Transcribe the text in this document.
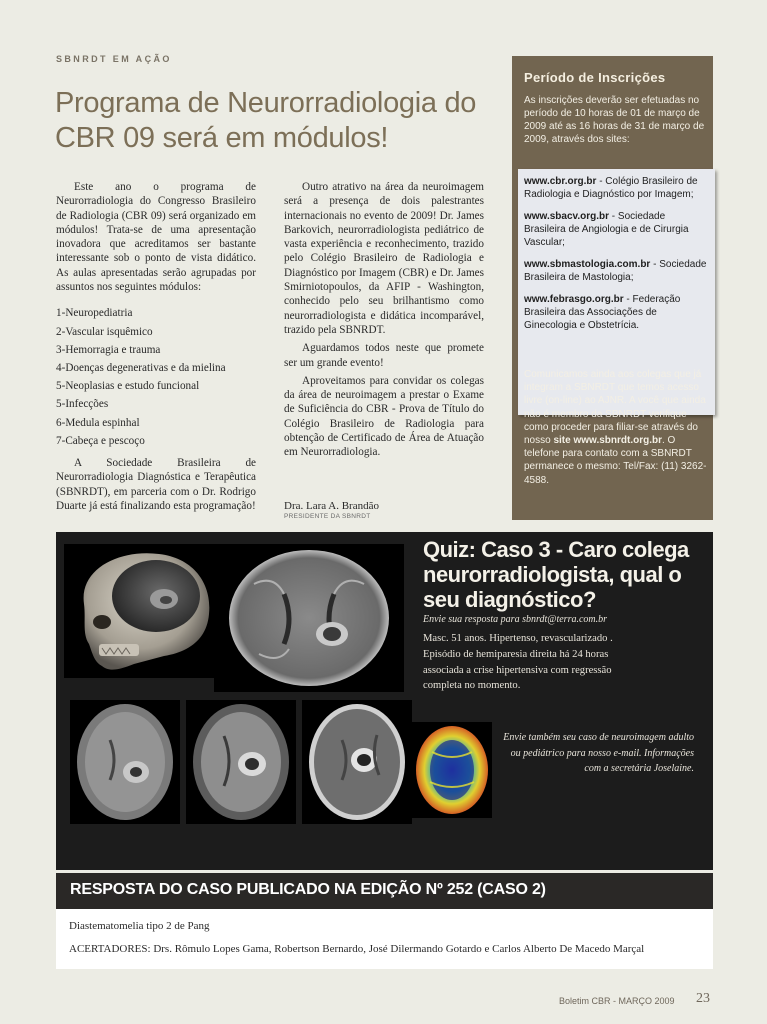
SBNRDT EM AÇÃO
Programa de Neurorradiologia do CBR 09 será em módulos!

Este ano o programa de Neurorradiologia do Congresso Brasileiro de Radiologia (CBR 09) será organizado em módulos! Trata-se de uma apresentação inovadora que acreditamos ser bastante interessante sob o ponto de vista didático. As aulas apresentadas serão agrupadas por assuntos nos seguintes módulos:

1-Neuropediatria
2-Vascular isquêmico
3-Hemorragia e trauma
4-Doenças degenerativas e da mielina
5-Neoplasias e estudo funcional
5-Infecções
6-Medula espinhal
7-Cabeça e pescoço

A Sociedade Brasileira de Neurorradiologia Diagnóstica e Terapêutica (SBNRDT), em parceria com o Dr. Rodrigo Duarte já está finalizando esta programação!

Outro atrativo na área da neuroimagem será a presença de dois palestrantes internacionais no evento de 2009! Dr. James Barkovich, neurorradiologista pediátrico de vasta experiência e reconhecimento, trazido pelo Colégio Brasileiro de Radiologia e Diagnóstico por Imagem (CBR) e Dr. James Smirniotopoulos, da AFIP - Washington, conhecido pelo seu brilhantismo como neurorradiologista e didática incomparável, trazido pela SBNRDT.

Aguardamos todos neste que promete ser um grande evento!

Aproveitamos para convidar os colegas da área de neuroimagem a prestar o Exame de Suficiência do CBR - Prova de Título do Colégio Brasileiro de Radiologia para obtenção de Certificado de Área de Atuação em Neurorradiologia.

Dra. Lara A. Brandão
PRESIDENTE DA SBNRDT
Período de Inscrições
As inscrições deverão ser efetuadas no período de 10 horas de 01 de março de 2009 até as 16 horas de 31 de março de 2009, através dos sites:
www.cbr.org.br - Colégio Brasileiro de Radiologia e Diagnóstico por Imagem;
www.sbacv.org.br - Sociedade Brasileira de Angiologia e de Cirurgia Vascular;
www.sbmastologia.com.br - Sociedade Brasileira de Mastologia;
www.febrasgo.org.br - Federação Brasileira das Associações de Ginecologia e Obstetrícia.
Comunicamos ainda aos colegas que já integram a SBNRDT que temos acesso livre (on-line) ao AJNR. A você que ainda não é membro da SBNRDT verifique como proceder para filiar-se através do nosso site www.sbnrdt.org.br. O telefone para contato com a SBNRDT permanece o mesmo: Tel/Fax: (11) 3262-4588.
Quiz: Caso 3 - Caro colega neurorradiologista, qual o seu diagnóstico?
Envie sua resposta para sbnrdt@terra.com.br
Masc. 51 anos. Hipertenso, revascularizado . Episódio de hemiparesia direita há 24 horas associada a crise hipertensiva com regressão completa no momento.
Envie também seu caso de neuroimagem adulto ou pediátrico para nosso e-mail. Informações com a secretária Joselaine.
RESPOSTA DO CASO PUBLICADO NA EDIÇÃO Nº 252 (CASO 2)
Diastematomelia tipo 2 de Pang
ACERTADORES: Drs. Rômulo Lopes Gama, Robertson Bernardo, José Dilermando Gotardo e Carlos Alberto De Macedo Marçal
Boletim CBR - MARÇO 2009 23
